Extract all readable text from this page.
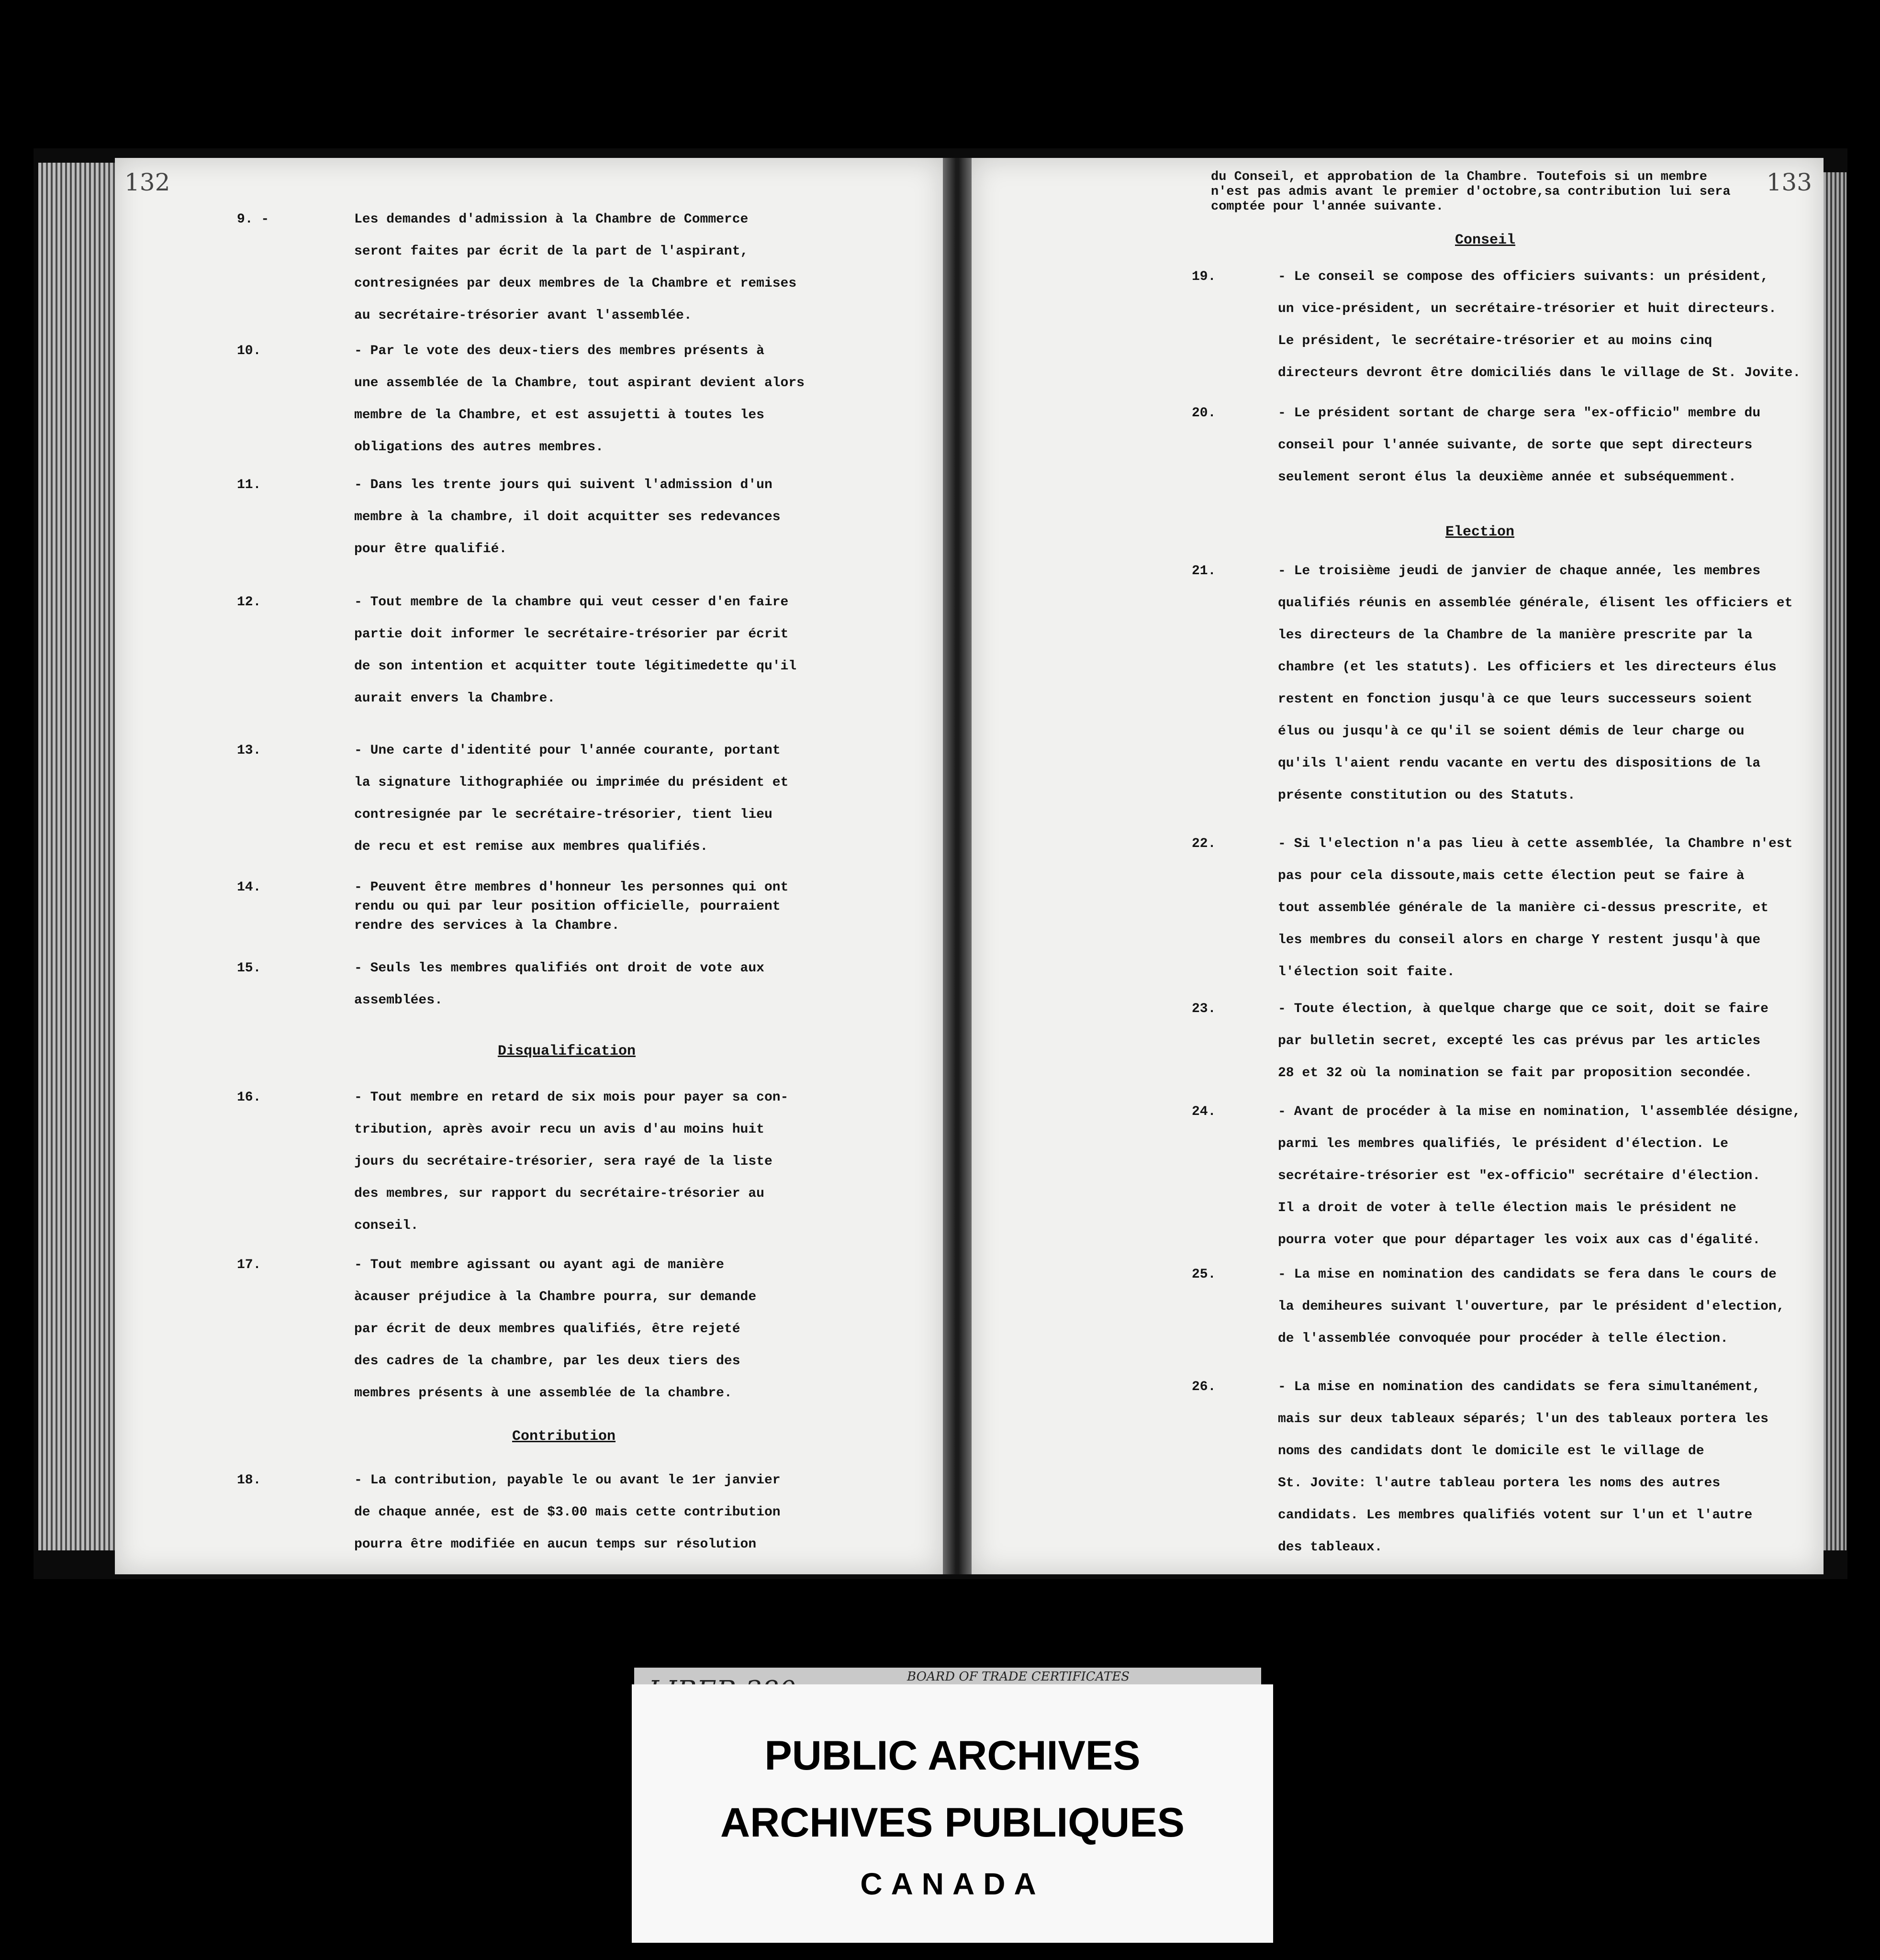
132
9. -	Les demandes d'admission à la Chambre de Commerce
seront faites par écrit de la part de l'aspirant,
contresignées par deux membres de la Chambre et remises
au secrétaire-trésorier avant l'assemblée.
10.	- Par le vote des deux-tiers des membres présents à
une assemblée de la Chambre, tout aspirant devient alors
membre de la Chambre, et est assujetti à toutes les
obligations des autres membres.
11.	- Dans les trente jours qui suivent l'admission d'un
membre à la chambre, il doit acquitter ses redevances
pour être qualifié.
12.	- Tout membre de la chambre qui veut cesser d'en faire
partie doit informer le secrétaire-trésorier par écrit
de son intention et acquitter toute légitimedette qu'il
aurait envers la Chambre.
13.	- Une carte d'identité pour l'année courante, portant
la signature lithographiée ou imprimée du président et
contresignée par le secrétaire-trésorier, tient lieu
de recu et est remise aux membres qualifiés.
14.	- Peuvent être membres d'honneur les personnes qui ont
rendu ou qui par leur position officielle, pourraient
rendre des services à la Chambre.
15.	- Seuls les membres qualifiés ont droit de vote aux
assemblées.
Disqualification
16.	- Tout membre en retard de six mois pour payer sa con-
tribution, après avoir recu un avis d'au moins huit
jours du secrétaire-trésorier, sera rayé de la liste
des membres, sur rapport du secrétaire-trésorier au
conseil.
17.	- Tout membre agissant ou ayant agi de manière
àcauser préjudice à la Chambre pourra, sur demande
par écrit de deux membres qualifiés, être rejeté
des cadres de la chambre, par les deux tiers des
membres présents à une assemblée de la chambre.
Contribution
18.	- La contribution, payable le ou avant le 1er janvier
de chaque année, est de $3.00 mais cette contribution
pourra être modifiée en aucun temps sur résolution
133
du Conseil, et approbation de la Chambre. Toutefois si un membre
n'est pas admis avant le premier d'octobre,sa contribution lui sera
comptée pour l'année suivante.
Conseil
19.	- Le conseil se compose des officiers suivants: un président,
un vice-président, un secrétaire-trésorier et huit directeurs.
Le président, le secrétaire-trésorier et au moins cinq
directeurs devront être domiciliés dans le village de St. Jovite.
20.	- Le président sortant de charge sera "ex-officio" membre du
conseil pour l'année suivante, de sorte que sept directeurs
seulement seront élus la deuxième année et subséquemment.
Election
21.	- Le troisième jeudi de janvier de chaque année, les membres
qualifiés réunis en assemblée générale, élisent les officiers et
les directeurs de la Chambre de la manière prescrite par la
chambre (et les statuts). Les officiers et les directeurs élus
restent en fonction jusqu'à ce que leurs successeurs soient
élus ou jusqu'à ce qu'il se soient démis de leur charge ou
qu'ils l'aient rendu vacante en vertu des dispositions de la
présente constitution ou des Statuts.
22.	- Si l'election n'a pas lieu à cette assemblée, la Chambre n'est
pas pour cela dissoute,mais cette élection peut se faire à
tout assemblée générale de la manière ci-dessus prescrite, et
les membres du conseil alors en charge Y restent jusqu'à que
l'élection soit faite.
23.	- Toute élection, à quelque charge que ce soit, doit se faire
par bulletin secret, excepté les cas prévus par les articles
28 et 32 où la nomination se fait par proposition secondée.
24.	- Avant de procéder à la mise en nomination, l'assemblée désigne,
parmi les membres qualifiés, le président d'élection. Le
secrétaire-trésorier est "ex-officio" secrétaire d'élection.
Il a droit de voter à telle élection mais le président ne
pourra voter que pour départager les voix aux cas d'égalité.
25.	- La mise en nomination des candidats se fera dans le cours de
la demiheures suivant l'ouverture, par le président d'election,
de l'assemblée convoquée pour procéder à telle élection.
26.	- La mise en nomination des candidats se fera simultanément,
mais sur deux tableaux séparés; l'un des tableaux portera les
noms des candidats dont le domicile est le village de
St. Jovite: l'autre tableau portera les noms des autres
candidats. Les membres qualifiés votent sur l'un et l'autre
des tableaux.
BOARD OF TRADE CERTIFICATES
PUBLIC ARCHIVES
ARCHIVES PUBLIQUES
CANADA
